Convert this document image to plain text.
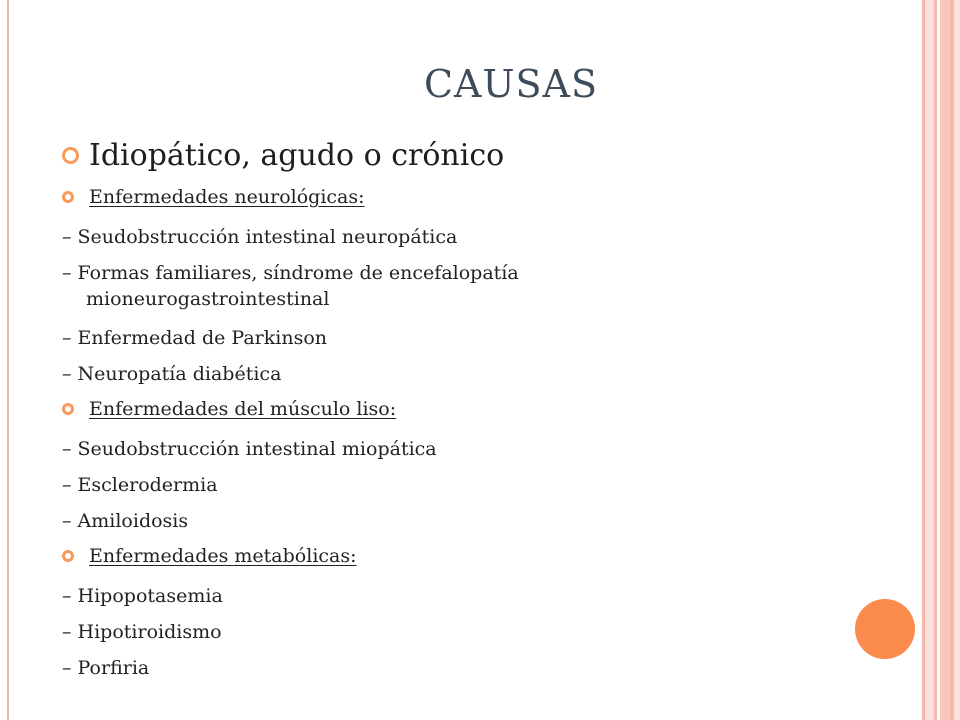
CAUSAS
Idiopático, agudo o crónico
Enfermedades neurológicas:

– Seudobstrucción intestinal neuropática

– Formas familiares, síndrome de encefalopatía
mioneurogastrointestinal

– Enfermedad de Parkinson

– Neuropatía diabética

Enfermedades del músculo liso:

– Seudobstrucción intestinal miopática

– Esclerodermia

– Amiloidosis

Enfermedades metabólicas:

– Hipopotasemia

– Hipotiroidismo

– Porfiria
